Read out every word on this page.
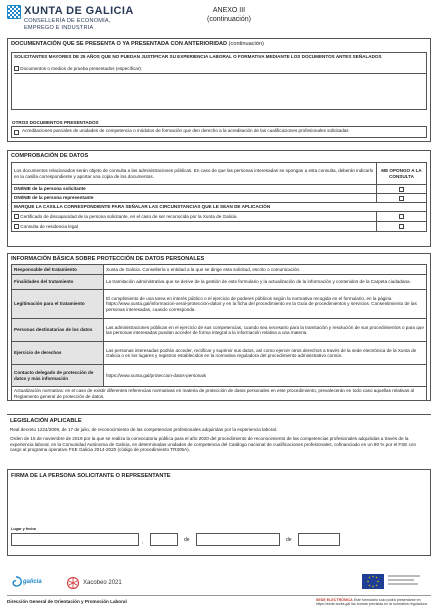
XUNTA DE GALICIA
CONSELLERÍA DE ECONOMÍA,
EMPREGO E INDUSTRIA
ANEXO III
(continuación)
DOCUMENTACIÓN QUE SE PRESENTA O YA PRESENTADA CON ANTERIORIDAD (continuación)
SOLICITANTES MAYORES DE 25 AÑOS QUE NO PUEDAN JUSTIFICAR SU EXPERIENCIA LABORAL O FORMATIVA MEDIANTE LOS DOCUMENTOS ANTES SEÑALADOS
Documentos o medios de prueba presentados (especificar):
OTROS DOCUMENTOS PRESENTADOS
Acreditaciones parciales de unidades de competencia o módulos de formación que den derecho a la acreditación de las cualificaciones profesionales solicitadas
COMPROBACIÓN DE DATOS
Los documentos relacionados serán objeto de consulta a las administraciones públicas. En caso de que las personas interesadas se opongan a esta consulta, deberán indicarlo en la casilla correspondiente y aportar una copia de los documentos.	ME OPONGO A LA CONSULTA
DNI/NIE de la persona solicitante	
DNI/NIE de la persona representante	
MARQUE LA CASILLA CORRESPONDIENTE PARA SEÑALAR LAS CIRCUNSTANCIAS QUE LE SEAN DE APLICACIÓN	
Certificado de discapacidad de la persona solicitante, en el caso de ser reconocida por la Xunta de Galicia	
Consulta de residencia legal	
INFORMACIÓN BÁSICA SOBRE PROTECCIÓN DE DATOS PERSONALES
Responsable del tratamiento	Xunta de Galicia. Consellería o entidad a la que se dirige esta solicitud, escrito o comunicación.
Finalidades del tratamiento	La tramitación administrativa que se derive de la gestión de este formulario y la actualización de la información y contenidos de la Carpeta ciudadana.
Legitimación para el tratamiento	El cumplimiento de una tarea en interés público o el ejercicio de poderes públicos según la normativa recogida en el formulario, en la página https://www.xunta.gal/informacion-xeral-proteccion-datos y en la ficha del procedimiento en la Guía de procedimientos y servicios. Consentimiento de las personas interesadas, cuando corresponda.
Personas destinatarias de los datos	Las administraciones públicas en el ejercicio de sus competencias, cuando sea necesario para la tramitación y resolución de sus procedimientos o para que las personas interesadas puedan acceder de forma integral a la información relativa a una materia.
Ejercicio de derechos	Las personas interesadas podrán acceder, rectificar y suprimir sus datos, así como ejercer otros derechos a través de la sede electrónica de la Xunta de Galicia o en los lugares y registros establecidos en la normativa reguladora del procedimiento administrativo común.
Contacto delegado de protección de datos y más información	https://www.xunta.gal/proteccion-datos-personais
Actualización normativa: en el caso de existir diferentes referencias normativas en materia de protección de datos personales en este procedimiento, prevalecerán en todo caso aquellas relativas al Reglamento general de protección de datos.	
LEGISLACIÓN APLICABLE
Real decreto 1224/2009, de 17 de julio, de reconocimiento de las competencias profesionales adquiridas por la experiencia laboral.
Orden de 15 de noviembre de 2019 por la que se realiza la convocatoria pública para el año 2020 del procedimiento de reconocimiento de las competencias profesionales adquiridas a través de la experiencia laboral, en la Comunidad Autónoma de Galicia, en determinadas unidades de competencia del Catálogo nacional de cualificaciones profesionales, cofinanciado en un 80 % por el FSE con cargo al programa operativo FSE Galicia 2014-2020 (código de procedimiento TR305A).
FIRMA DE LA PERSONA SOLICITANTE O REPRESENTANTE
Lugar y fecha
,	de	de
galicia	Xacobeo 2021
Dirección General de Orientación y Promoción Laboral	SEDE ELECTRÓNICA Este formulario solo podrá presentarse en https://sede.xunta.gal las formas previstas en la normativa reguladora
